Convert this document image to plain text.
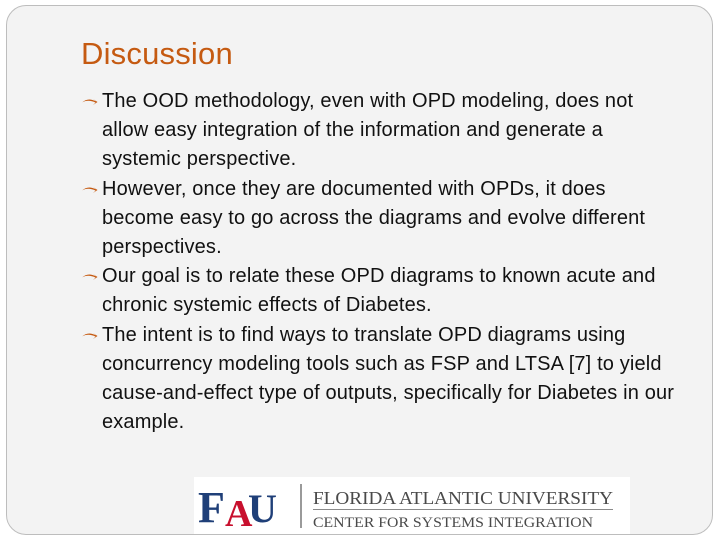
Discussion
The OOD methodology, even with OPD modeling, does not allow easy integration of the information and generate a systemic perspective.
However, once they are documented with OPDs, it does become easy to go across the diagrams and evolve different perspectives.
Our goal is to relate these OPD diagrams to known acute and chronic systemic effects of Diabetes.
The intent is to find ways to translate OPD diagrams using concurrency modeling tools such as FSP and LTSA [7] to yield cause-and-effect type of outputs, specifically for Diabetes in our example.
F A
U FLORIDA ATLANTIC UNIVERSITY
CENTER FOR SYSTEMS INTEGRATION
